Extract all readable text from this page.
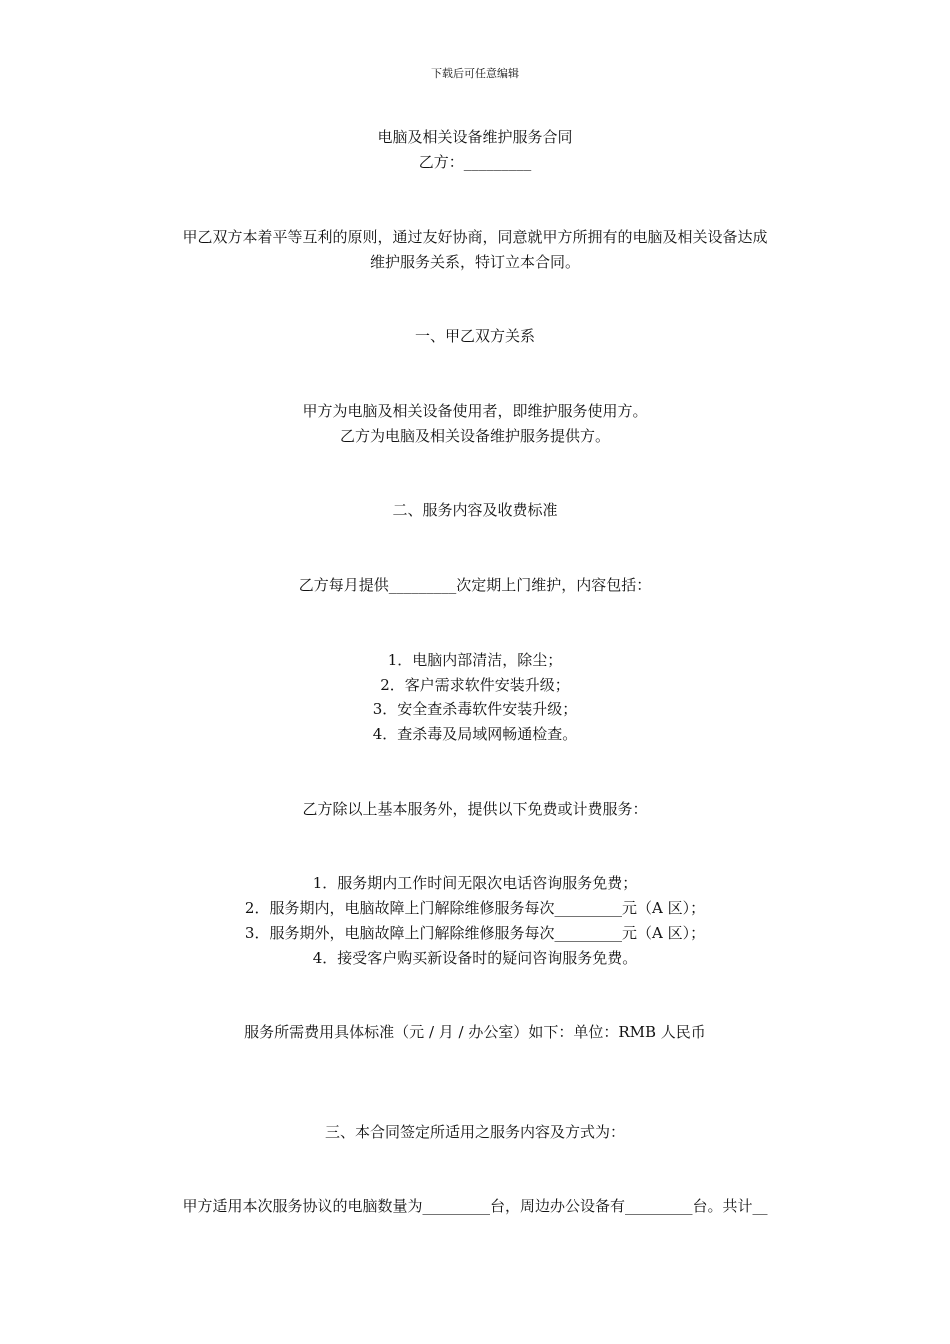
下载后可任意编辑
电脑及相关设备维护服务合同
乙方：_________
甲乙双方本着平等互利的原则，通过友好协商，同意就甲方所拥有的电脑及相关设备达成
维护服务关系，特订立本合同。
一、甲乙双方关系
甲方为电脑及相关设备使用者，即维护服务使用方。
乙方为电脑及相关设备维护服务提供方。
二、服务内容及收费标准
乙方每月提供_________次定期上门维护，内容包括：
1．电脑内部清洁，除尘；
2．客户需求软件安装升级；
3．安全查杀毒软件安装升级；
4．查杀毒及局域网畅通检查。
乙方除以上基本服务外，提供以下免费或计费服务：
1．服务期内工作时间无限次电话咨询服务免费；
2．服务期内，电脑故障上门解除维修服务每次_________元（A 区）；
3．服务期外，电脑故障上门解除维修服务每次_________元（A 区）；
4．接受客户购买新设备时的疑问咨询服务免费。
服务所需费用具体标准（元 / 月 / 办公室）如下：单位：RMB 人民币
三、本合同签定所适用之服务内容及方式为：
甲方适用本次服务协议的电脑数量为_________台，周边办公设备有_________台。共计__
